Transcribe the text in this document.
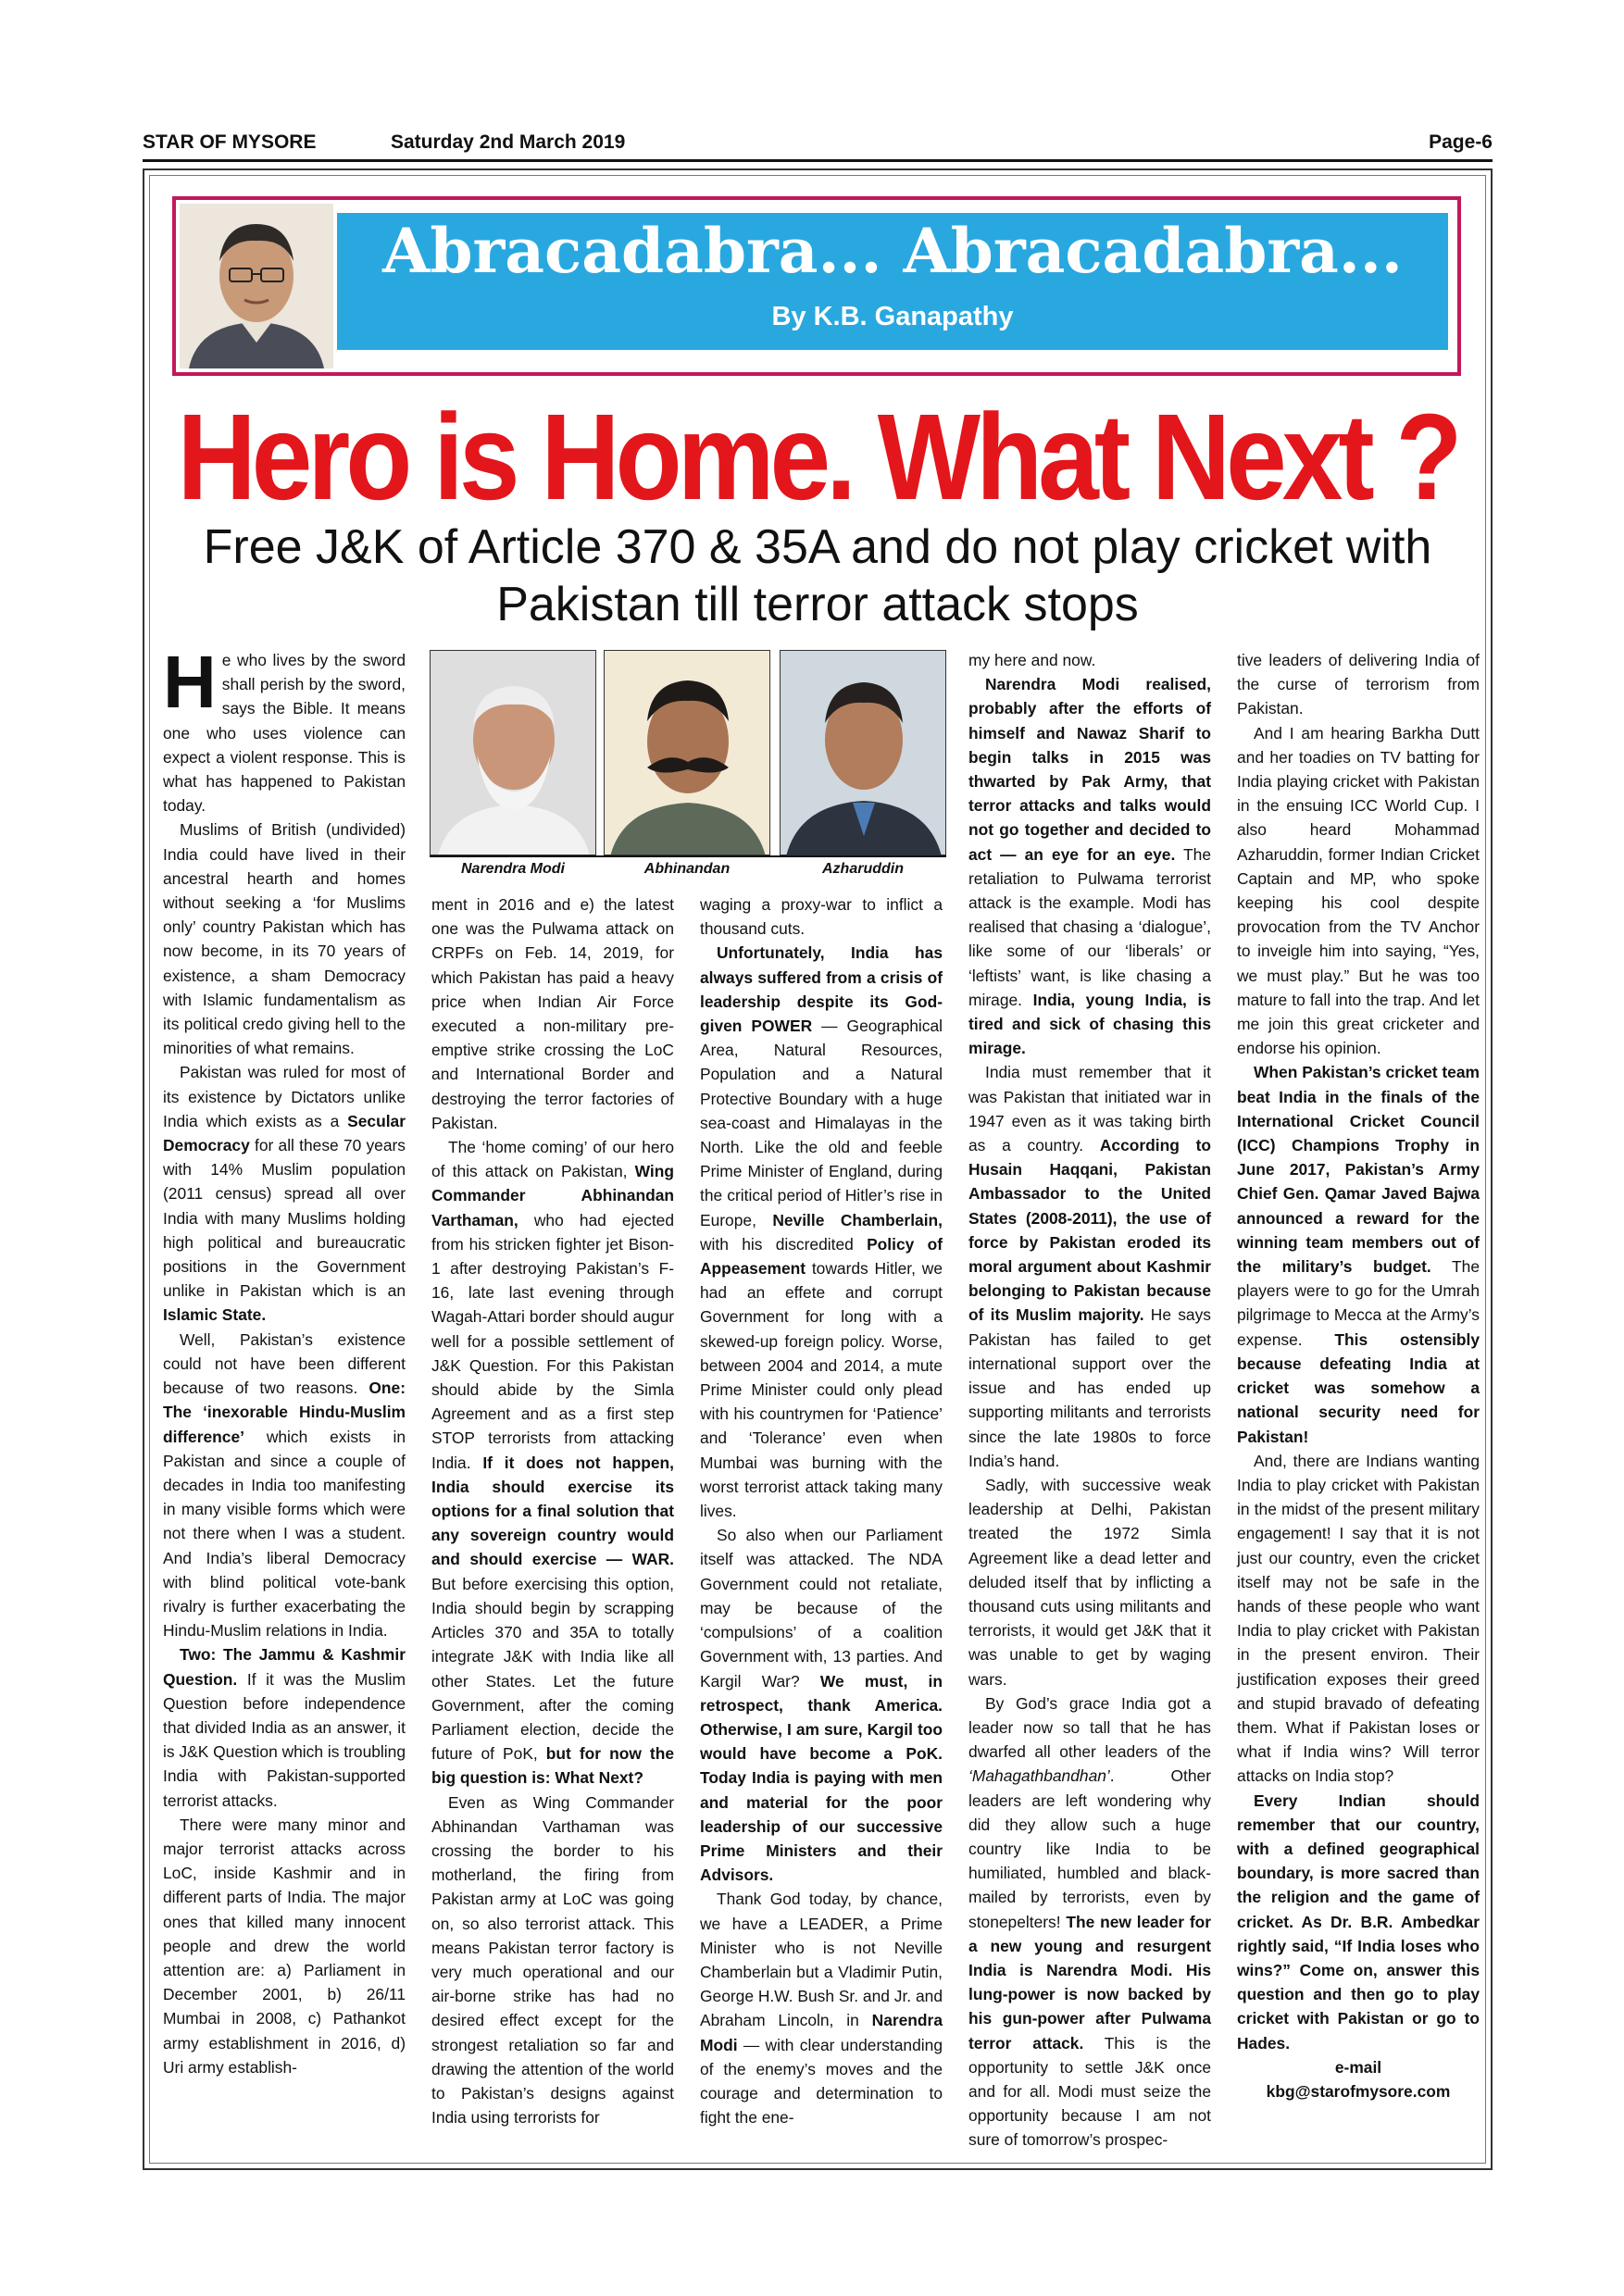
STAR OF MYSORE	Saturday 2nd March 2019	Page-6
Abracadabra... Abracadabra...
By K.B. Ganapathy
Hero is Home. What Next ?
Free J&K of Article 370 & 35A and do not play cricket with Pakistan till terror attack stops
Narendra Modi	Abhinandan	Azharuddin

He who lives by the sword shall perish by the sword, says the Bible. It means one who uses violence can expect a violent response. This is what has happened to Pakistan today.

Muslims of British (undivided) India could have lived in their ancestral hearth and homes without seeking a ‘for Muslims only’ country Pakistan which has now become, in its 70 years of existence, a sham Democracy with Islamic fundamentalism as its political credo giving hell to the minorities of what remains.

Pakistan was ruled for most of its existence by Dictators unlike India which exists as a Secular Democracy for all these 70 years with 14% Muslim population (2011 census) spread all over India with many Muslims holding high political and bureaucratic positions in the Government unlike in Pakistan which is an Islamic State.

Well, Pakistan’s existence could not have been different because of two reasons. One: The ‘inexorable Hindu-Muslim difference’ which exists in Pakistan and since a couple of decades in India too manifesting in many visible forms which were not there when I was a student. And India’s liberal Democracy with blind political vote-bank rivalry is further exacerbating the Hindu-Muslim relations in India.

Two: The Jammu & Kashmir Question. If it was the Muslim Question before independence that divided India as an answer, it is J&K Question which is troubling India with Pakistan-supported terrorist attacks.

There were many minor and major terrorist attacks across LoC, inside Kashmir and in different parts of India. The major ones that killed many innocent people and drew the world attention are: a) Parliament in December 2001, b) 26/11 Mumbai in 2008, c) Pathankot army establishment in 2016, d) Uri army establish-

ment in 2016 and e) the latest one was the Pulwama attack on CRPFs on Feb. 14, 2019, for which Pakistan has paid a heavy price when Indian Air Force executed a non-military pre-emptive strike crossing the LoC and International Border and destroying the terror factories of Pakistan.

The ‘home coming’ of our hero of this attack on Pakistan, Wing Commander Abhinandan Varthaman, who had ejected from his stricken fighter jet Bison-1 after destroying Pakistan’s F-16, late last evening through Wagah-Attari border should augur well for a possible settlement of J&K Question. For this Pakistan should abide by the Simla Agreement and as a first step STOP terrorists from attacking India. If it does not happen, India should exercise its options for a final solution that any sovereign country would and should exercise — WAR. But before exercising this option, India should begin by scrapping Articles 370 and 35A to totally integrate J&K with India like all other States. Let the future Government, after the coming Parliament election, decide the future of PoK, but for now the big question is: What Next?

Even as Wing Commander Abhinandan Varthaman was crossing the border to his motherland, the firing from Pakistan army at LoC was going on, so also terrorist attack. This means Pakistan terror factory is very much operational and our air-borne strike has had no desired effect except for the strongest retaliation so far and drawing the attention of the world to Pakistan’s designs against India using terrorists for

waging a proxy-war to inflict a thousand cuts.

Unfortunately, India has always suffered from a crisis of leadership despite its God-given POWER — Geographical Area, Natural Resources, Population and a Natural Protective Boundary with a huge sea-coast and Himalayas in the North. Like the old and feeble Prime Minister of England, during the critical period of Hitler’s rise in Europe, Neville Chamberlain, with his discredited Policy of Appeasement towards Hitler, we had an effete and corrupt Government for long with a skewed-up foreign policy. Worse, between 2004 and 2014, a mute Prime Minister could only plead with his countrymen for ‘Patience’ and ‘Tolerance’ even when Mumbai was burning with the worst terrorist attack taking many lives.

So also when our Parliament itself was attacked. The NDA Government could not retaliate, may be because of the ‘compulsions’ of a coalition Government with, 13 parties. And Kargil War? We must, in retrospect, thank America. Otherwise, I am sure, Kargil too would have become a PoK. Today India is paying with men and material for the poor leadership of our successive Prime Ministers and their Advisors.

Thank God today, by chance, we have a LEADER, a Prime Minister who is not Neville Chamberlain but a Vladimir Putin, George H.W. Bush Sr. and Jr. and Abraham Lincoln, in Narendra Modi — with clear understanding of the enemy’s moves and the courage and determination to fight the ene-

my here and now.

Narendra Modi realised, probably after the efforts of himself and Nawaz Sharif to begin talks in 2015 was thwarted by Pak Army, that terror attacks and talks would not go together and decided to act — an eye for an eye. The retaliation to Pulwama terrorist attack is the example. Modi has realised that chasing a ‘dialogue’, like some of our ‘liberals’ or ‘leftists’ want, is like chasing a mirage. India, young India, is tired and sick of chasing this mirage.

India must remember that it was Pakistan that initiated war in 1947 even as it was taking birth as a country. According to Husain Haqqani, Pakistan Ambassador to the United States (2008-2011), the use of force by Pakistan eroded its moral argument about Kashmir belonging to Pakistan because of its Muslim majority. He says Pakistan has failed to get international support over the issue and has ended up supporting militants and terrorists since the late 1980s to force India’s hand.

Sadly, with successive weak leadership at Delhi, Pakistan treated the 1972 Simla Agreement like a dead letter and deluded itself that by inflicting a thousand cuts using militants and terrorists, it would get J&K that it was unable to get by waging wars.

By God’s grace India got a leader now so tall that he has dwarfed all other leaders of the ‘Mahagathbandhan’. Other leaders are left wondering why did they allow such a huge country like India to be humiliated, humbled and black-mailed by terrorists, even by stonepelters! The new leader for a new young and resurgent India is Narendra Modi. His lung-power is now backed by his gun-power after Pulwama terror attack. This is the opportunity to settle J&K once and for all. Modi must seize the opportunity because I am not sure of tomorrow’s prospec-

tive leaders of delivering India of the curse of terrorism from Pakistan.

And I am hearing Barkha Dutt and her toadies on TV batting for India playing cricket with Pakistan in the ensuing ICC World Cup. I also heard Mohammad Azharuddin, former Indian Cricket Captain and MP, who spoke keeping his cool despite provocation from the TV Anchor to inveigle him into saying, “Yes, we must play.” But he was too mature to fall into the trap. And let me join this great cricketer and endorse his opinion.

When Pakistan’s cricket team beat India in the finals of the International Cricket Council (ICC) Champions Trophy in June 2017, Pakistan’s Army Chief Gen. Qamar Javed Bajwa announced a reward for the winning team members out of the military’s budget. The players were to go for the Umrah pilgrimage to Mecca at the Army’s expense. This ostensibly because defeating India at cricket was somehow a national security need for Pakistan!

And, there are Indians wanting India to play cricket with Pakistan in the midst of the present military engagement! I say that it is not just our country, even the cricket itself may not be safe in the hands of these people who want India to play cricket with Pakistan in the present environ. Their justification exposes their greed and stupid bravado of defeating them. What if Pakistan loses or what if India wins? Will terror attacks on India stop?

Every Indian should remember that our country, with a defined geographical boundary, is more sacred than the religion and the game of cricket. As Dr. B.R. Ambedkar rightly said, “If India loses who wins?” Come on, answer this question and then go to play cricket with Pakistan or go to Hades.

e-mail

kbg@starofmysore.com
